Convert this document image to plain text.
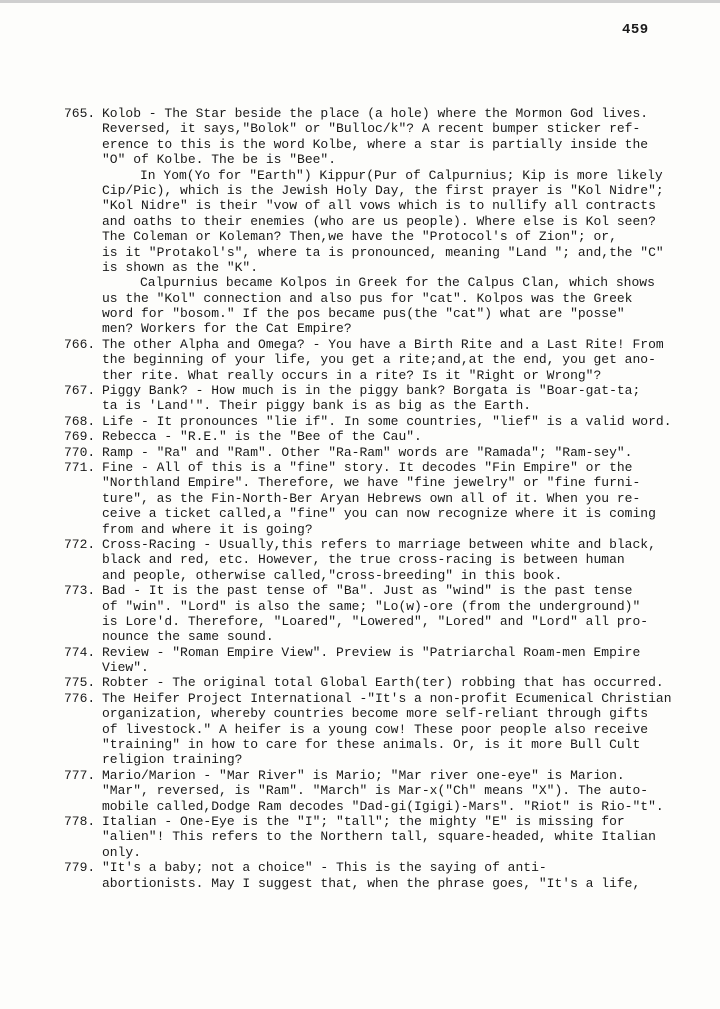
459
765. Kolob - The Star beside the place (a hole) where the Mormon God lives.
Reversed, it says,"Bolok" or "Bulloc/k"? A recent bumper sticker ref-
erence to this is the word Kolbe, where a star is partially inside the
"O" of Kolbe. The be is "Bee".
In Yom(Yo for "Earth") Kippur(Pur of Calpurnius; Kip is more likely
Cip/Pic), which is the Jewish Holy Day, the first prayer is "Kol Nidre";
"Kol Nidre" is their "vow of all vows which is to nullify all contracts
and oaths to their enemies (who are us people). Where else is Kol seen?
The Coleman or Koleman? Then,we have the "Protocol's of Zion"; or,
is it "Protakol's", where ta is pronounced, meaning "Land "; and,the "C"
is shown as the "K".
Calpurnius became Kolpos in Greek for the Calpus Clan, which shows
us the "Kol" connection and also pus for "cat". Kolpos was the Greek
word for "bosom." If the pos became pus(the "cat") what are "posse"
men? Workers for the Cat Empire?
766. The other Alpha and Omega? - You have a Birth Rite and a Last Rite! From
the beginning of your life, you get a rite;and,at the end, you get ano-
ther rite. What really occurs in a rite? Is it "Right or Wrong"?
767. Piggy Bank? - How much is in the piggy bank? Borgata is "Boar-gat-ta;
ta is 'Land'". Their piggy bank is as big as the Earth.
768. Life - It pronounces "lie if". In some countries, "lief" is a valid word.
769. Rebecca - "R.E." is the "Bee of the Cau".
770. Ramp - "Ra" and "Ram". Other "Ra-Ram" words are "Ramada"; "Ram-sey".
771. Fine - All of this is a "fine" story. It decodes "Fin Empire" or the
"Northland Empire". Therefore, we have "fine jewelry" or "fine furni-
ture", as the Fin-North-Ber Aryan Hebrews own all of it. When you re-
ceive a ticket called,a "fine" you can now recognize where it is coming
from and where it is going?
772. Cross-Racing - Usually,this refers to marriage between white and black,
black and red, etc. However, the true cross-racing is between human
and people, otherwise called,"cross-breeding" in this book.
773. Bad - It is the past tense of "Ba". Just as "wind" is the past tense
of "win". "Lord" is also the same; "Lo(w)-ore (from the underground)"
is Lore'd. Therefore, "Loared", "Lowered", "Lored" and "Lord" all pro-
nounce the same sound.
774. Review - "Roman Empire View". Preview is "Patriarchal Roam-men Empire
View".
775. Robter - The original total Global Earth(ter) robbing that has occurred.
776. The Heifer Project International -"It's a non-profit Ecumenical Christian
organization, whereby countries become more self-reliant through gifts
of livestock." A heifer is a young cow! These poor people also receive
"training" in how to care for these animals. Or, is it more Bull Cult
religion training?
777. Mario/Marion - "Mar River" is Mario; "Mar river one-eye" is Marion.
"Mar", reversed, is "Ram". "March" is Mar-x("Ch" means "X"). The auto-
mobile called,Dodge Ram decodes "Dad-gi(Igigi)-Mars". "Riot" is Rio-"t".
778. Italian - One-Eye is the "I"; "tall"; the mighty "E" is missing for
"alien"! This refers to the Northern tall, square-headed, white Italian
only.
779. "It's a baby; not a choice" - This is the saying of anti-
abortionists. May I suggest that, when the phrase goes, "It's a life,
